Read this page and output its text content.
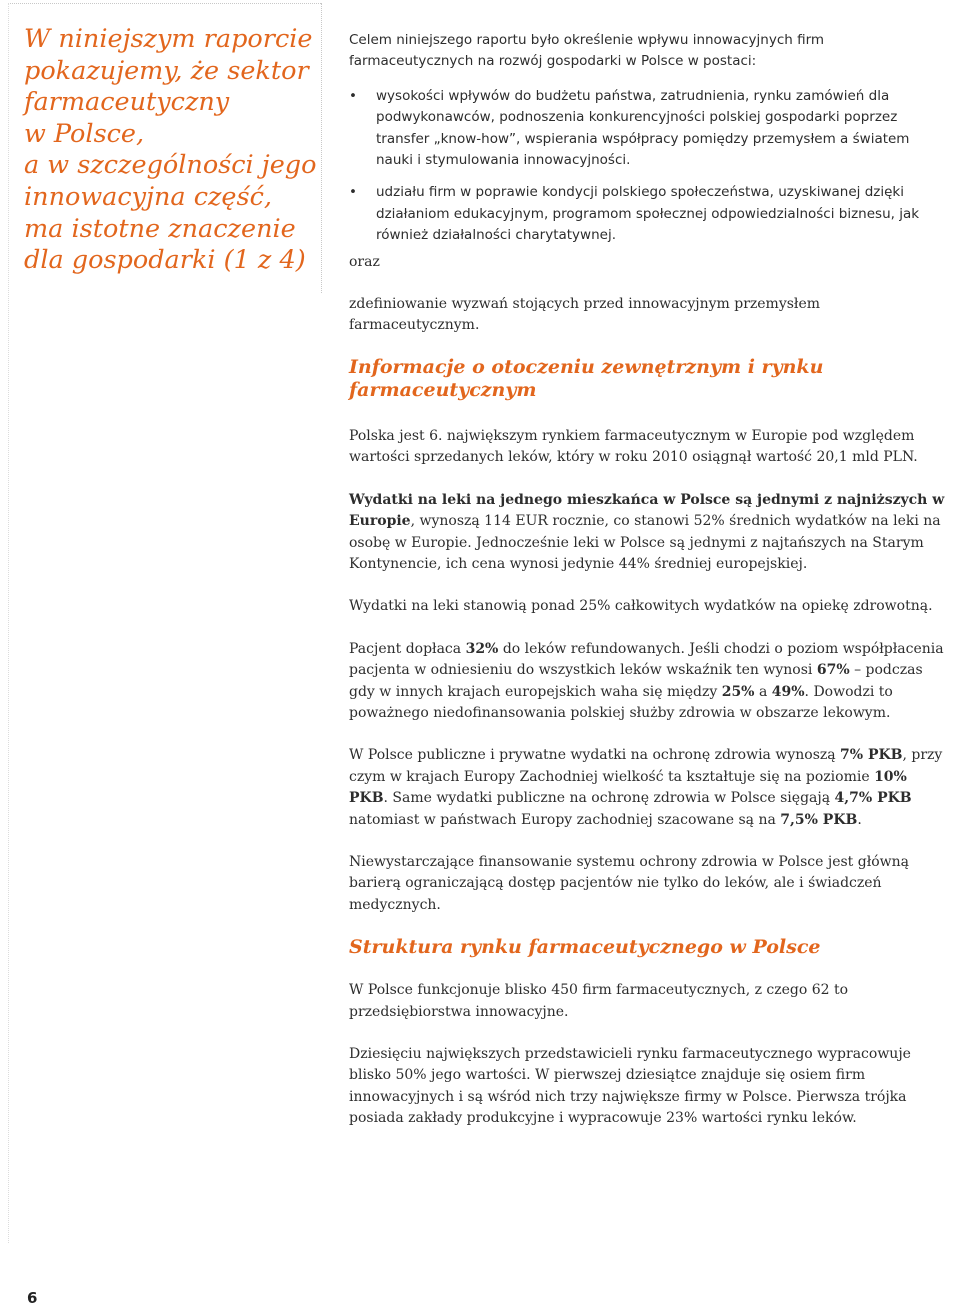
W niniejszym raporcie
pokazujemy, że sektor
farmaceutyczny
w Polsce,
a w szczególności jego
innowacyjna część,
ma istotne znaczenie
dla gospodarki (1 z 4)

Celem niniejszego raportu było określenie wpływu innowacyjnych firm farmaceutycznych na rozwój gospodarki w Polsce w postaci:

• wysokości wpływów do budżetu państwa, zatrudnienia, rynku zamówień dla podwykonawców, podnoszenia konkurencyjności polskiej gospodarki poprzez transfer „know-how”, wspierania współpracy pomiędzy przemysłem a światem nauki i stymulowania innowacyjności.
• udziału firm w poprawie kondycji polskiego społeczeństwa, uzyskiwanej dzięki działaniom edukacyjnym, programom społecznej odpowiedzialności biznesu, jak również działalności charytatywnej.

oraz

zdefiniowanie wyzwań stojących przed innowacyjnym przemysłem farmaceutycznym.

Informacje o otoczeniu zewnętrznym i rynku farmaceutycznym

Polska jest 6. największym rynkiem farmaceutycznym w Europie pod względem wartości sprzedanych leków, który w roku 2010 osiągnął wartość 20,1 mld PLN.

Wydatki na leki na jednego mieszkańca w Polsce są jednymi z najniższych w Europie, wynoszą 114 EUR rocznie, co stanowi 52% średnich wydatków na leki na osobę w Europie. Jednocześnie leki w Polsce są jednymi z najtańszych na Starym Kontynencie, ich cena wynosi jedynie 44% średniej europejskiej.

Wydatki na leki stanowią ponad 25% całkowitych wydatków na opiekę zdrowotną.

Pacjent dopłaca 32% do leków refundowanych. Jeśli chodzi o poziom współpłacenia pacjenta w odniesieniu do wszystkich leków wskaźnik ten wynosi 67% – podczas gdy w innych krajach europejskich waha się między 25% a 49%. Dowodzi to poważnego niedofinansowania polskiej służby zdrowia w obszarze lekowym.

W Polsce publiczne i prywatne wydatki na ochronę zdrowia wynoszą 7% PKB, przy czym w krajach Europy Zachodniej wielkość ta kształtuje się na poziomie 10% PKB. Same wydatki publiczne na ochronę zdrowia w Polsce sięgają 4,7% PKB natomiast w państwach Europy zachodniej szacowane są na 7,5% PKB.

Niewystarczające finansowanie systemu ochrony zdrowia w Polsce jest główną barierą ograniczającą dostęp pacjentów nie tylko do leków, ale i świadczeń medycznych.

Struktura rynku farmaceutycznego w Polsce

W Polsce funkcjonuje blisko 450 firm farmaceutycznych, z czego 62 to przedsiębiorstwa innowacyjne.

Dziesięciu największych przedstawicieli rynku farmaceutycznego wypracowuje blisko 50% jego wartości. W pierwszej dziesiątce znajduje się osiem firm innowacyjnych i są wśród nich trzy największe firmy w Polsce. Pierwsza trójka posiada zakłady produkcyjne i wypracowuje 23% wartości rynku leków.

6
